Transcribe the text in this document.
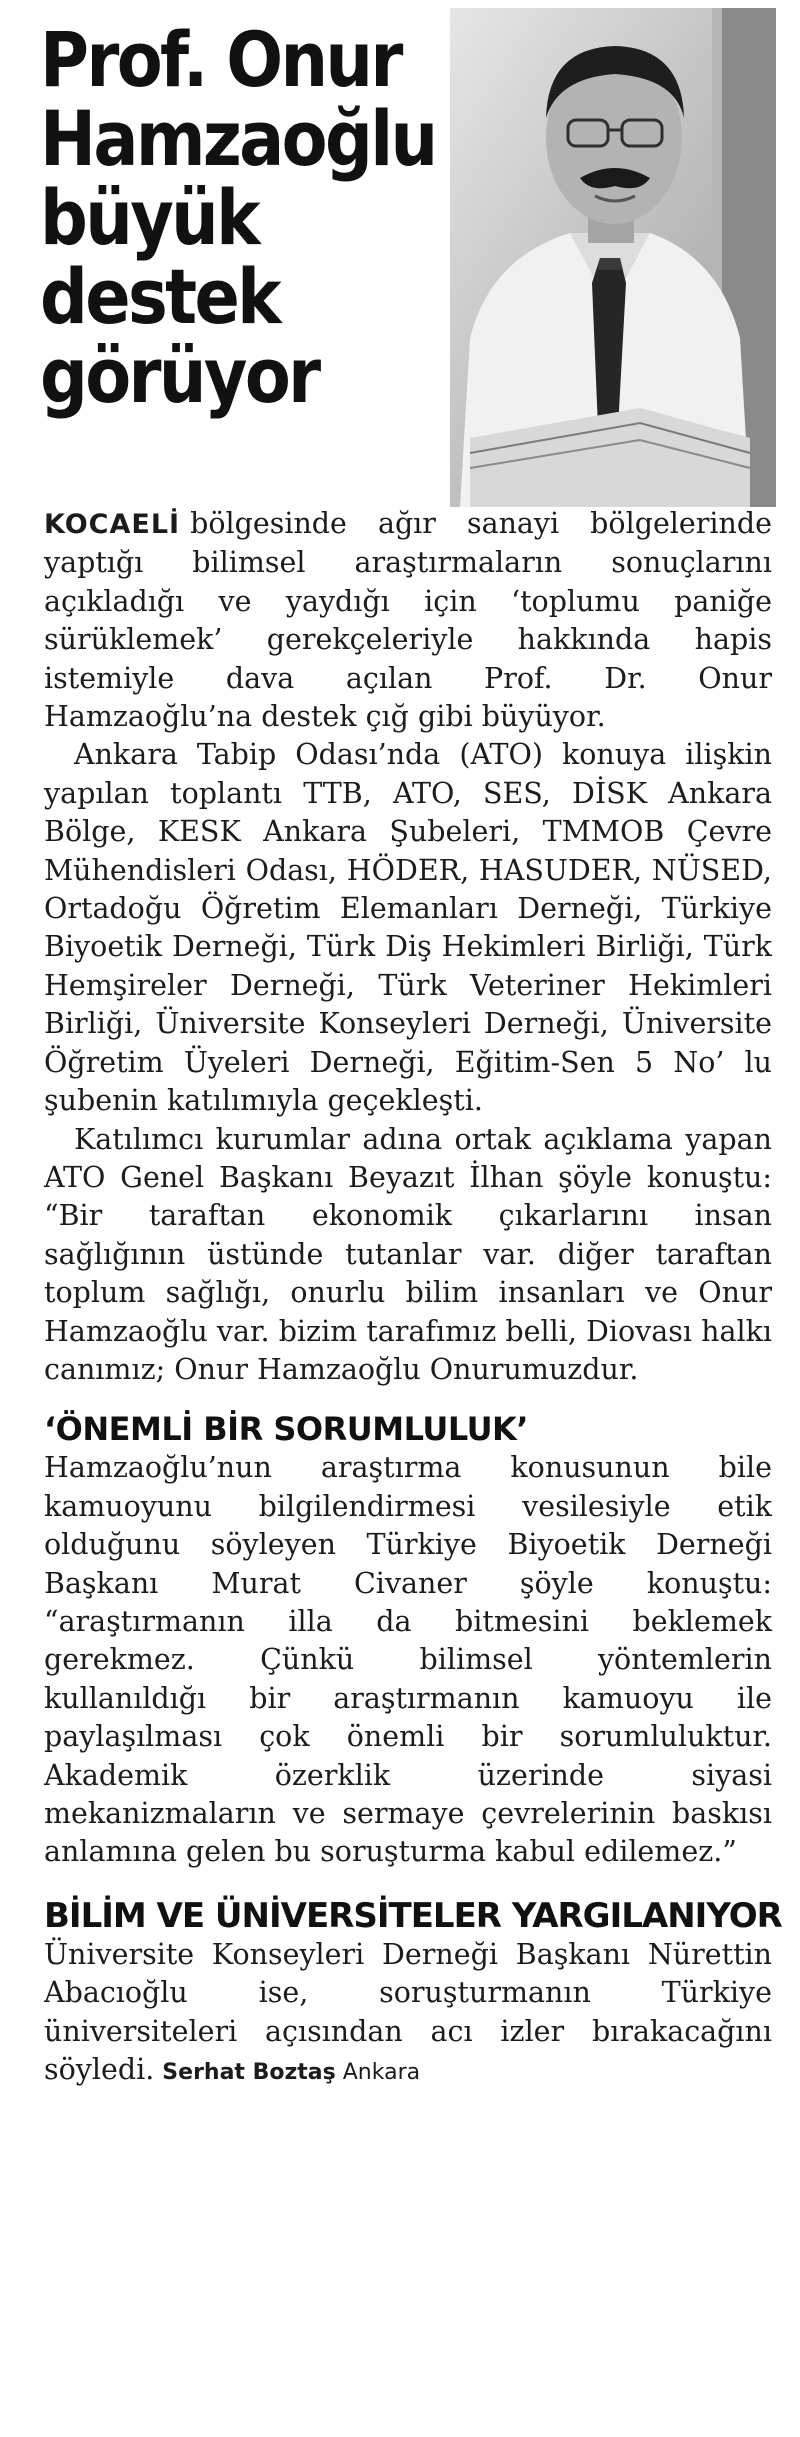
Prof. Onur
Hamzaoğlu
büyük
destek
görüyor

KOCAELİ bölgesinde ağır sanayi bölgelerinde yaptığı bilimsel araştırmaların sonuçlarını açıkladığı ve yaydığı için ‘toplumu paniğe sürüklemek’ gerekçeleriyle hakkında hapis istemiyle dava açılan Prof. Dr. Onur Hamzaoğlu’na destek çığ gibi büyüyor.

Ankara Tabip Odası’nda (ATO) konuya ilişkin yapılan toplantı TTB, ATO, SES, DİSK Ankara Bölge, KESK Ankara Şubeleri, TMMOB Çevre Mühendisleri Odası, HÖDER, HASUDER, NÜSED, Ortadoğu Öğretim Elemanları Derneği, Türkiye Biyoetik Derneği, Türk Diş Hekimleri Birliği, Türk Hemşireler Derneği, Türk Veteriner Hekimleri Birliği, Üniversite Konseyleri Derneği, Üniversite Öğretim Üyeleri Derneği, Eğitim-Sen 5 No’ lu şubenin katılımıyla geçekleşti.

Katılımcı kurumlar adına ortak açıklama yapan ATO Genel Başkanı Beyazıt İlhan şöyle konuştu: “Bir taraftan ekonomik çıkarlarını insan sağlığının üstünde tutanlar var. diğer taraftan toplum sağlığı, onurlu bilim insanları ve Onur Hamzaoğlu var. bizim tarafımız belli, Diovası halkı canımız; Onur Hamzaoğlu Onurumuzdur.

‘ÖNEMLİ BİR SORUMLULUK’

Hamzaoğlu’nun araştırma konusunun bile kamuoyunu bilgilendirmesi vesilesiyle etik olduğunu söyleyen Türkiye Biyoetik Derneği Başkanı Murat Civaner şöyle konuştu: “araştırmanın illa da bitmesini beklemek gerekmez. Çünkü bilimsel yöntemlerin kullanıldığı bir araştırmanın kamuoyu ile paylaşılması çok önemli bir sorumluluktur. Akademik özerklik üzerinde siyasi mekanizmaların ve sermaye çevrelerinin baskısı anlamına gelen bu soruşturma kabul edilemez.”

BİLİM VE ÜNİVERSİTELER YARGILANIYOR

Üniversite Konseyleri Derneği Başkanı Nürettin Abacıoğlu ise, soruşturmanın Türkiye üniversiteleri açısından acı izler bırakacağını söyledi. Serhat Boztaş Ankara
